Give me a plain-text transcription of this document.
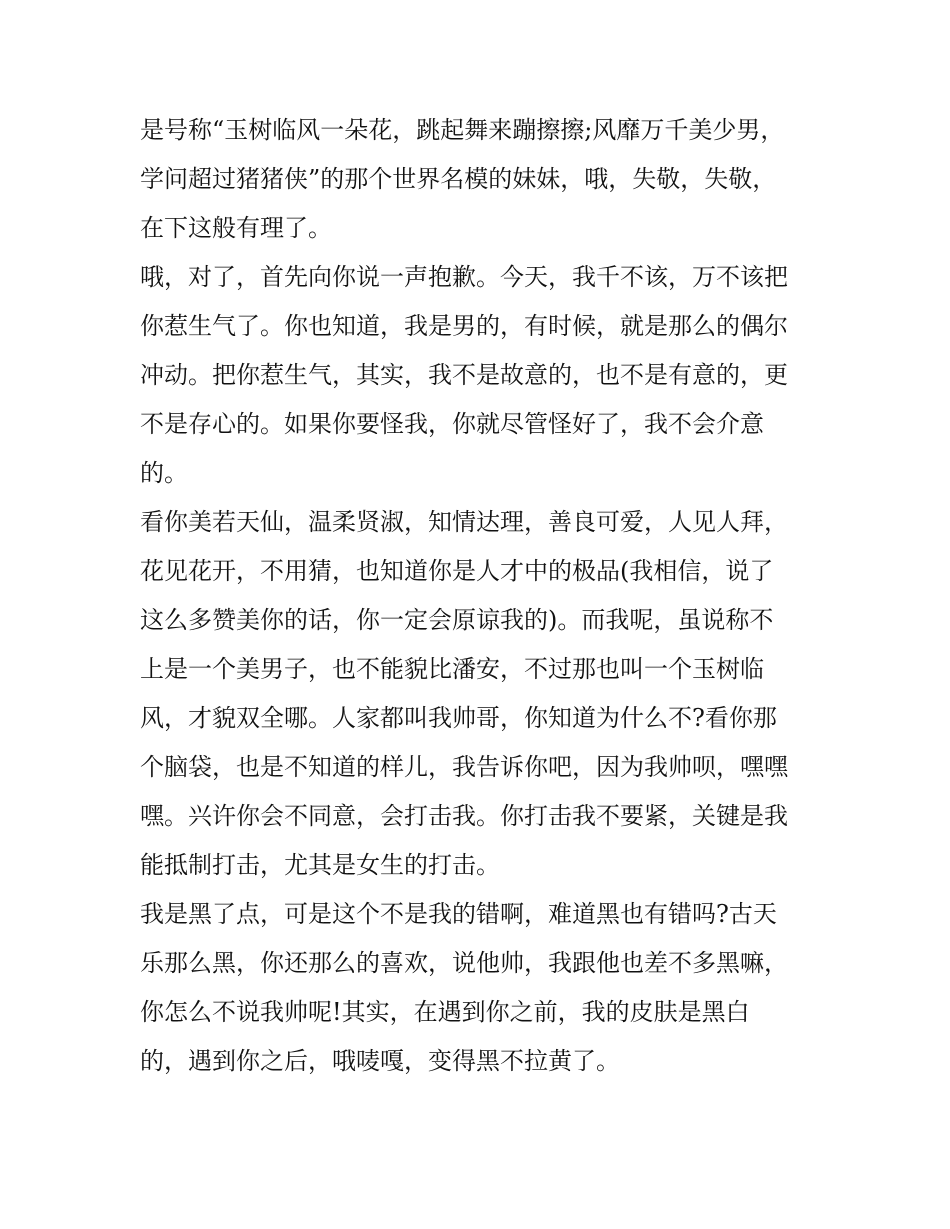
是号称“玉树临风一朵花，跳起舞来蹦擦擦;风靡万千美少男，
学问超过猪猪侠”的那个世界名模的妹妹，哦，失敬，失敬，
在下这般有理了。
哦，对了，首先向你说一声抱歉。今天，我千不该，万不该把
你惹生气了。你也知道，我是男的，有时候，就是那么的偶尔
冲动。把你惹生气，其实，我不是故意的，也不是有意的，更
不是存心的。如果你要怪我，你就尽管怪好了，我不会介意
的。
看你美若天仙，温柔贤淑，知情达理，善良可爱，人见人拜，
花见花开，不用猜，也知道你是人才中的极品(我相信，说了
这么多赞美你的话，你一定会原谅我的)。而我呢，虽说称不
上是一个美男子，也不能貌比潘安，不过那也叫一个玉树临
风，才貌双全哪。人家都叫我帅哥，你知道为什么不?看你那
个脑袋，也是不知道的样儿，我告诉你吧，因为我帅呗，嘿嘿
嘿。兴许你会不同意，会打击我。你打击我不要紧，关键是我
能抵制打击，尤其是女生的打击。
我是黑了点，可是这个不是我的错啊，难道黑也有错吗?古天
乐那么黑，你还那么的喜欢，说他帅，我跟他也差不多黑嘛，
你怎么不说我帅呢!其实，在遇到你之前，我的皮肤是黑白
的，遇到你之后，哦唛嘎，变得黑不拉黄了。
